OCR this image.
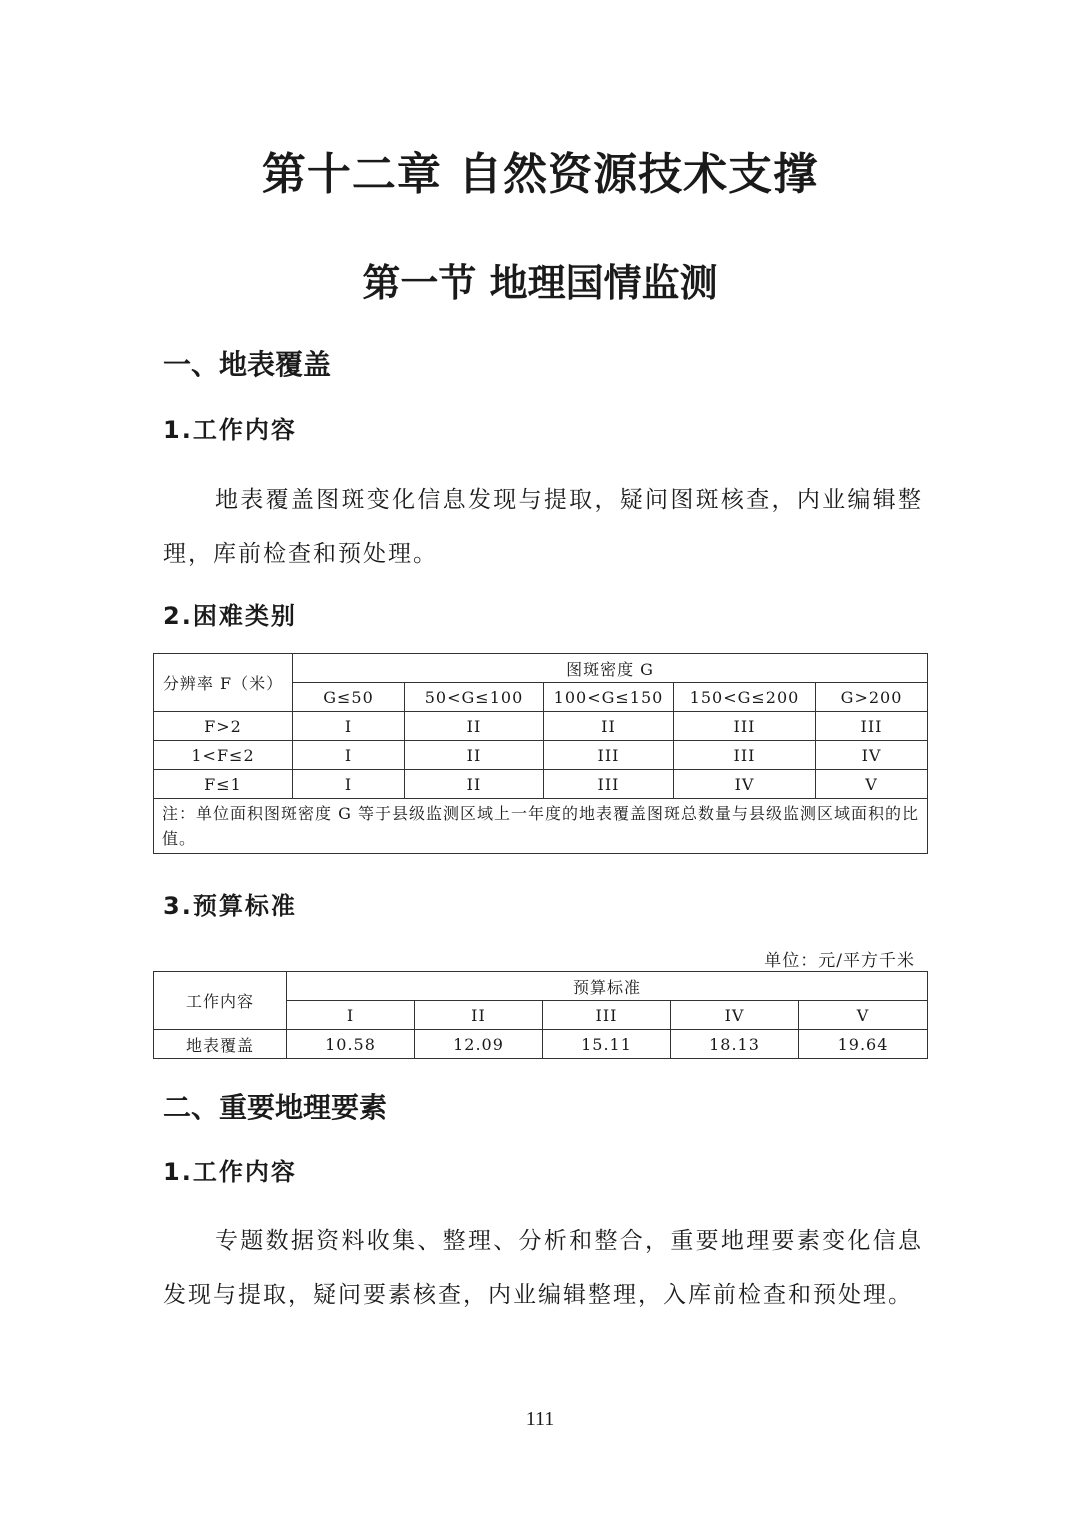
第十二章 自然资源技术支撑
第一节 地理国情监测
一、地表覆盖
1.工作内容
地表覆盖图斑变化信息发现与提取，疑问图斑核查，内业编辑整理，库前检查和预处理。
2.困难类别
分辨率 F（米）	图斑密度 G				
	G≤50	50<G≤100	100<G≤150	150<G≤200	G>200
F>2	I	II	II	III	III
1<F≤2	I	II	III	III	IV
F≤1	I	II	III	IV	V
注：单位面积图斑密度 G 等于县级监测区域上一年度的地表覆盖图斑总数量与县级监测区域面积的比值。					
3.预算标准
单位：元/平方千米
工作内容	预算标准				
	I	II	III	IV	V
地表覆盖	10.58	12.09	15.11	18.13	19.64
二、重要地理要素
1.工作内容
专题数据资料收集、整理、分析和整合，重要地理要素变化信息发现与提取，疑问要素核查，内业编辑整理，入库前检查和预处理。
111
